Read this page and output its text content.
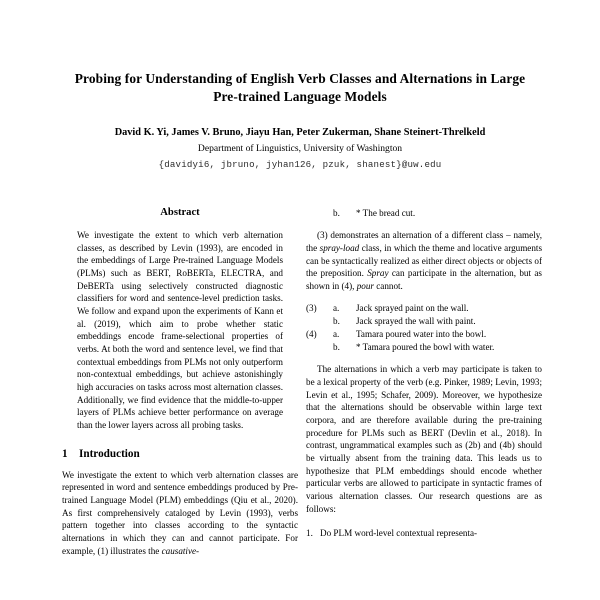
Probing for Understanding of English Verb Classes and Alternations in Large Pre-trained Language Models
David K. Yi, James V. Bruno, Jiayu Han, Peter Zukerman, Shane Steinert-Threlkeld
Department of Linguistics, University of Washington
{davidyi6, jbruno, jyhan126, pzuk, shanest}@uw.edu
Abstract

We investigate the extent to which verb alternation classes, as described by Levin (1993), are encoded in the embeddings of Large Pre-trained Language Models (PLMs) such as BERT, RoBERTa, ELECTRA, and DeBERTa using selectively constructed diagnostic classifiers for word and sentence-level prediction tasks. We follow and expand upon the experiments of Kann et al. (2019), which aim to probe whether static embeddings encode frame-selectional properties of verbs. At both the word and sentence level, we find that contextual embeddings from PLMs not only outperform non-contextual embeddings, but achieve astonishingly high accuracies on tasks across most alternation classes. Additionally, we find evidence that the middle-to-upper layers of PLMs achieve better performance on average than the lower layers across all probing tasks.

1 Introduction

We investigate the extent to which verb alternation classes are represented in word and sentence embeddings produced by Pre-trained Language Model (PLM) embeddings (Qiu et al., 2020). As first comprehensively cataloged by Levin (1993), verbs pattern together into classes according to the syntactic alternations in which they can and cannot participate. For example, (1) illustrates the causative-

b.	* The bread cut.

(3) demonstrates an alternation of a different class – namely, the spray-load class, in which the theme and locative arguments can be syntactically realized as either direct objects or objects of the preposition. Spray can participate in the alternation, but as shown in (4), pour cannot.

(3)	a.	Jack sprayed paint on the wall.
b.	Jack sprayed the wall with paint.
(4)	a.	Tamara poured water into the bowl.
b.	* Tamara poured the bowl with water.

The alternations in which a verb may participate is taken to be a lexical property of the verb (e.g. Pinker, 1989; Levin, 1993; Levin et al., 1995; Schafer, 2009). Moreover, we hypothesize that the alternations should be observable within large text corpora, and are therefore available during the pre-training procedure for PLMs such as BERT (Devlin et al., 2018). In contrast, ungrammatical examples such as (2b) and (4b) should be virtually absent from the training data. This leads us to hypothesize that PLM embeddings should encode whether particular verbs are allowed to participate in syntactic frames of various alternation classes. Our research questions are as follows:

1. Do PLM word-level contextual representa-
